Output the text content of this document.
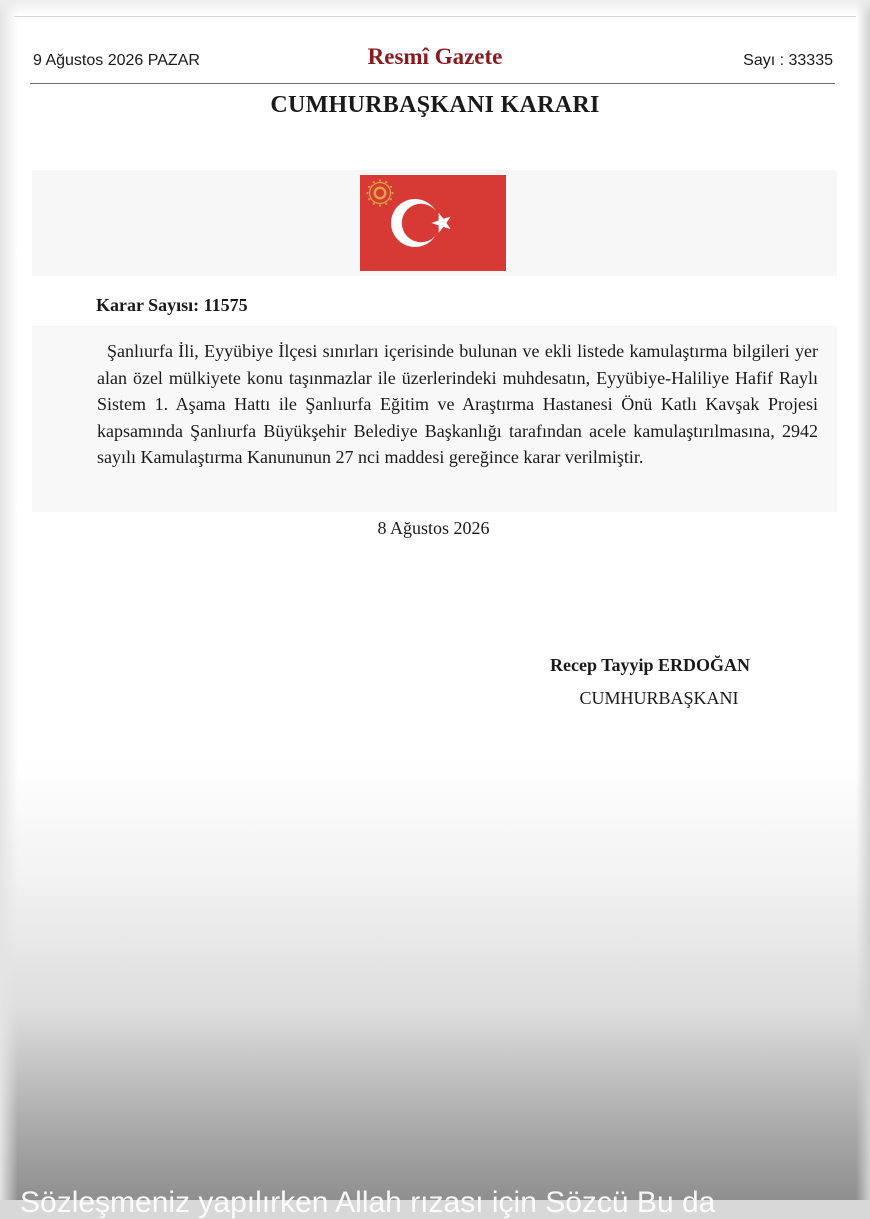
9 Ağustos 2026 PAZAR	Resmî Gazete	Sayı : 33335
CUMHURBAŞKANI KARARI
Karar Sayısı: 11575

Şanlıurfa İli, Eyyübiye İlçesi sınırları içerisinde bulunan ve ekli listede kamulaştırma bilgileri yer alan özel mülkiyete konu taşınmazlar ile üzerlerindeki muhdesatın, Eyyübiye-Haliliye Hafif Raylı Sistem 1. Aşama Hattı ile Şanlıurfa Eğitim ve Araştırma Hastanesi Önü Katlı Kavşak Projesi kapsamında Şanlıurfa Büyükşehir Belediye Başkanlığı tarafından acele kamulaştırılmasına, 2942 sayılı Kamulaştırma Kanununun 27 nci maddesi gereğince karar verilmiştir.

8 Ağustos 2026
Recep Tayyip ERDOĞAN
CUMHURBAŞKANI
Sözleşmeniz yapılırken Allah rızası için Sözcü Bu da
